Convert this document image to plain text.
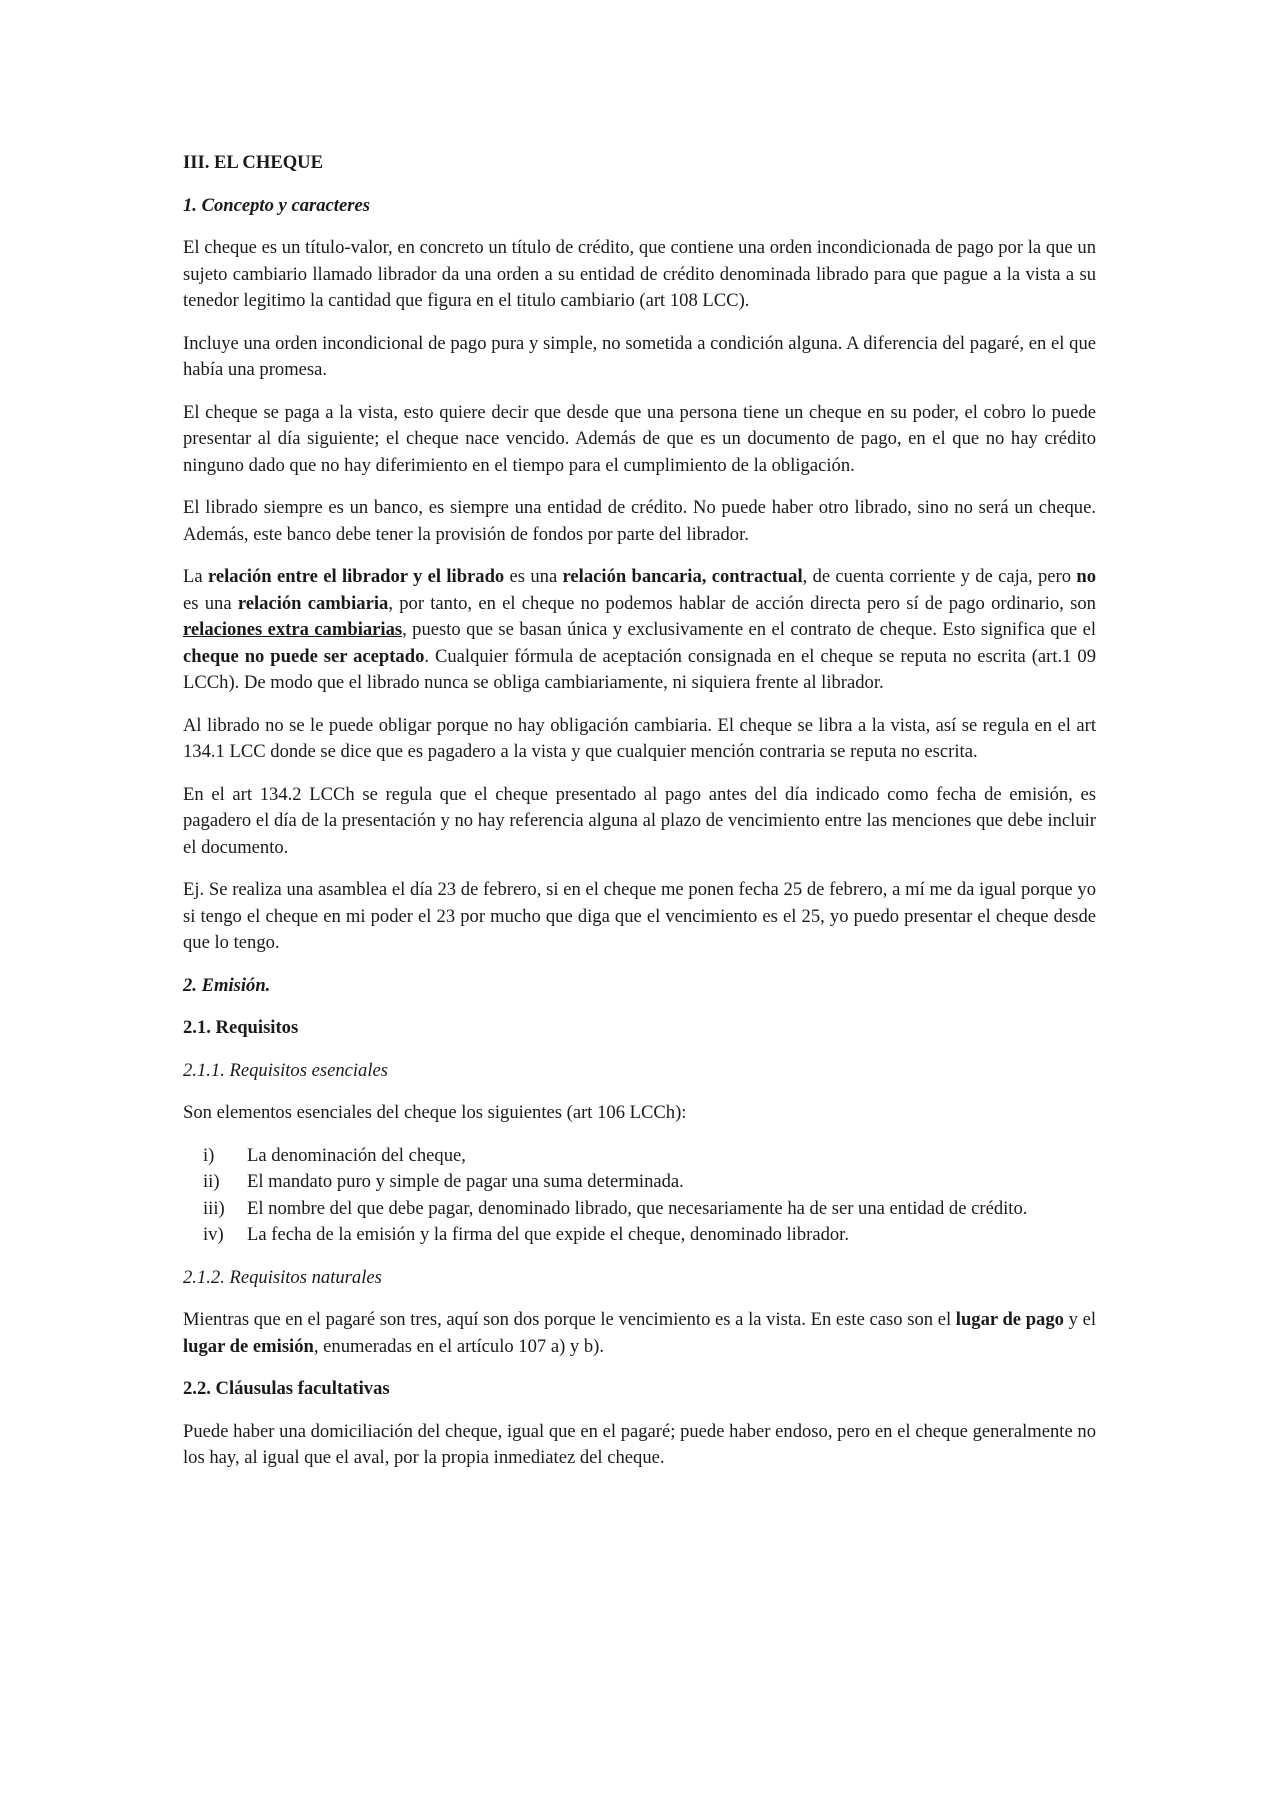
III. EL CHEQUE
1. Concepto y caracteres

El cheque es un título-valor, en concreto un título de crédito, que contiene una orden incondicionada de pago por la que un sujeto cambiario llamado librador da una orden a su entidad de crédito denominada librado para que pague a la vista a su tenedor legitimo la cantidad que figura en el titulo cambiario (art 108 LCC).

Incluye una orden incondicional de pago pura y simple, no sometida a condición alguna. A diferencia del pagaré, en el que había una promesa.

El cheque se paga a la vista, esto quiere decir que desde que una persona tiene un cheque en su poder, el cobro lo puede presentar al día siguiente; el cheque nace vencido. Además de que es un documento de pago, en el que no hay crédito ninguno dado que no hay diferimiento en el tiempo para el cumplimiento de la obligación.

El librado siempre es un banco, es siempre una entidad de crédito. No puede haber otro librado, sino no será un cheque. Además, este banco debe tener la provisión de fondos por parte del librador.

La relación entre el librador y el librado es una relación bancaria, contractual, de cuenta corriente y de caja, pero no es una relación cambiaria, por tanto, en el cheque no podemos hablar de acción directa pero sí de pago ordinario, son relaciones extra cambiarias, puesto que se basan única y exclusivamente en el contrato de cheque. Esto significa que el cheque no puede ser aceptado. Cualquier fórmula de aceptación consignada en el cheque se reputa no escrita (art.1 09 LCCh). De modo que el librado nunca se obliga cambiariamente, ni siquiera frente al librador.

Al librado no se le puede obligar porque no hay obligación cambiaria. El cheque se libra a la vista, así se regula en el art 134.1 LCC donde se dice que es pagadero a la vista y que cualquier mención contraria se reputa no escrita.

En el art 134.2 LCCh se regula que el cheque presentado al pago antes del día indicado como fecha de emisión, es pagadero el día de la presentación y no hay referencia alguna al plazo de vencimiento entre las menciones que debe incluir el documento.

Ej. Se realiza una asamblea el día 23 de febrero, si en el cheque me ponen fecha 25 de febrero, a mí me da igual porque yo si tengo el cheque en mi poder el 23 por mucho que diga que el vencimiento es el 25, yo puedo presentar el cheque desde que lo tengo.

2. Emisión.
2.1. Requisitos
2.1.1. Requisitos esenciales

Son elementos esenciales del cheque los siguientes (art 106 LCCh):

i)	La denominación del cheque,
ii)	El mandato puro y simple de pagar una suma determinada.
iii)	El nombre del que debe pagar, denominado librado, que necesariamente ha de ser una entidad de crédito.
iv)	La fecha de la emisión y la firma del que expide el cheque, denominado librador.
2.1.2. Requisitos naturales

Mientras que en el pagaré son tres, aquí son dos porque le vencimiento es a la vista. En este caso son el lugar de pago y el lugar de emisión, enumeradas en el artículo 107 a) y b).

2.2. Cláusulas facultativas

Puede haber una domiciliación del cheque, igual que en el pagaré; puede haber endoso, pero en el cheque generalmente no los hay, al igual que el aval, por la propia inmediatez del cheque.
